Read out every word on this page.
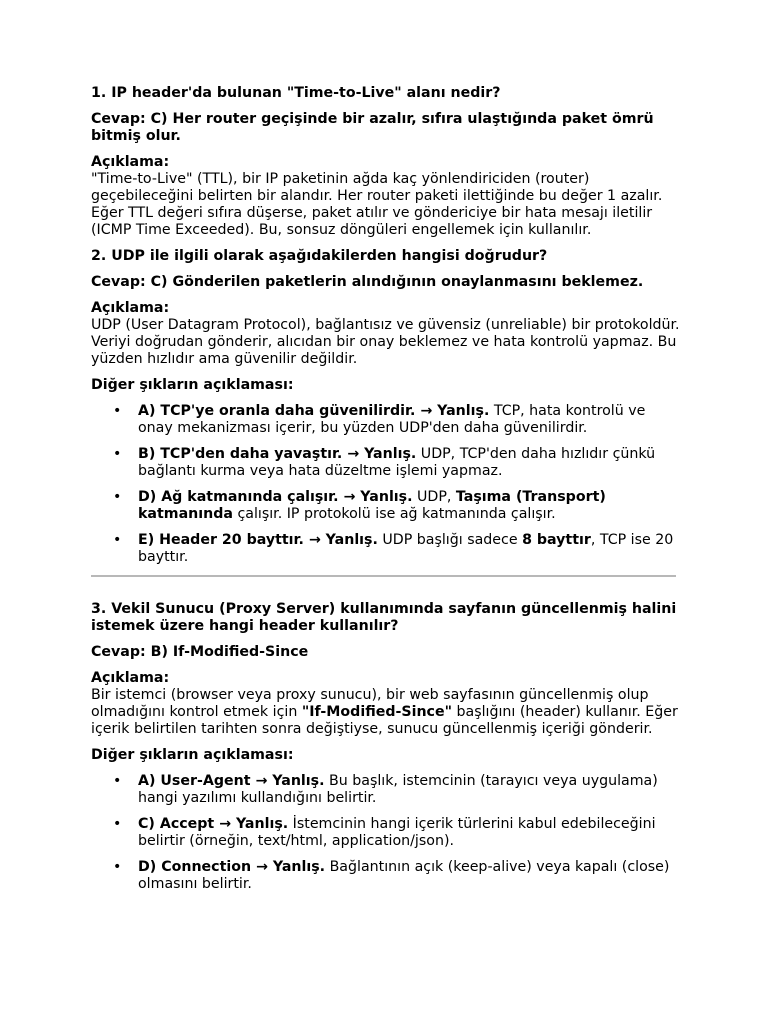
1. IP header'da bulunan "Time-to-Live" alanı nedir?

Cevap: C) Her router geçişinde bir azalır, sıfıra ulaştığında paket ömrü bitmiş olur.

Açıklama:

"Time-to-Live" (TTL), bir IP paketinin ağda kaç yönlendiriciden (router) geçebileceğini belirten bir alandır. Her router paketi ilettiğinde bu değer 1 azalır. Eğer TTL değeri sıfıra düşerse, paket atılır ve göndericiye bir hata mesajı iletilir (ICMP Time Exceeded). Bu, sonsuz döngüleri engellemek için kullanılır.

2. UDP ile ilgili olarak aşağıdakilerden hangisi doğrudur?

Cevap: C) Gönderilen paketlerin alındığının onaylanmasını beklemez.

Açıklama:

UDP (User Datagram Protocol), bağlantısız ve güvensiz (unreliable) bir protokoldür. Veriyi doğrudan gönderir, alıcıdan bir onay beklemez ve hata kontrolü yapmaz. Bu yüzden hızlıdır ama güvenilir değildir.

Diğer şıkların açıklaması:

• A) TCP'ye oranla daha güvenilirdir. → Yanlış. TCP, hata kontrolü ve onay mekanizması içerir, bu yüzden UDP'den daha güvenilirdir.
• B) TCP'den daha yavaştır. → Yanlış. UDP, TCP'den daha hızlıdır çünkü bağlantı kurma veya hata düzeltme işlemi yapmaz.
• D) Ağ katmanında çalışır. → Yanlış. UDP, Taşıma (Transport) katmanında çalışır. IP protokolü ise ağ katmanında çalışır.
• E) Header 20 bayttır. → Yanlış. UDP başlığı sadece 8 bayttır, TCP ise 20 bayttır.

3. Vekil Sunucu (Proxy Server) kullanımında sayfanın güncellenmiş halini istemek üzere hangi header kullanılır?

Cevap: B) If-Modified-Since

Açıklama:

Bir istemci (browser veya proxy sunucu), bir web sayfasının güncellenmiş olup olmadığını kontrol etmek için "If-Modified-Since" başlığını (header) kullanır. Eğer içerik belirtilen tarihten sonra değiştiyse, sunucu güncellenmiş içeriği gönderir.

Diğer şıkların açıklaması:

• A) User-Agent → Yanlış. Bu başlık, istemcinin (tarayıcı veya uygulama) hangi yazılımı kullandığını belirtir.
• C) Accept → Yanlış. İstemcinin hangi içerik türlerini kabul edebileceğini belirtir (örneğin, text/html, application/json).
• D) Connection → Yanlış. Bağlantının açık (keep-alive) veya kapalı (close) olmasını belirtir.
